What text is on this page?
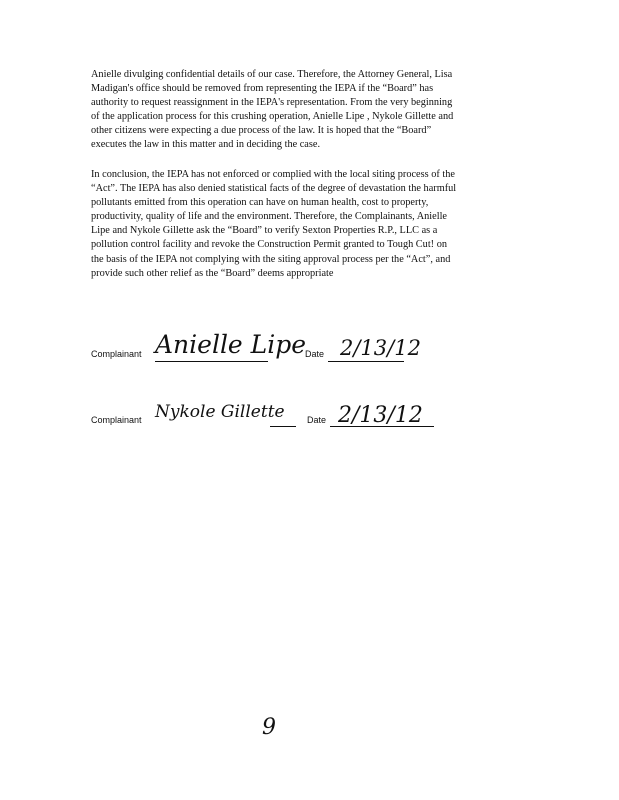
Anielle divulging confidential details of our case. Therefore, the Attorney General, Lisa
Madigan's office should be removed from representing the IEPA if the “Board” has
authority to request reassignment in the IEPA's representation. From the very beginning
of the application process for this crushing operation, Anielle Lipe , Nykole Gillette and
other citizens were expecting a due process of the law. It is hoped that the “Board”
executes the law in this matter and in deciding the case.

In conclusion, the IEPA has not enforced or complied with the local siting process of the
“Act”. The IEPA has also denied statistical facts of the degree of devastation the harmful
pollutants emitted from this operation can have on human health, cost to property,
productivity, quality of life and the environment. Therefore, the Complainants, Anielle
Lipe and Nykole Gillette ask the “Board” to verify Sexton Properties R.P., LLC as a
pollution control facility and revoke the Construction Permit granted to Tough Cut! on
the basis of the IEPA not complying with the siting approval process per the “Act”, and
provide such other relief as the “Board” deems appropriate

Complainant Anielle Lipe
Date 2/13/12
Complainant Nykole Gillette Date 2/13/12
9
